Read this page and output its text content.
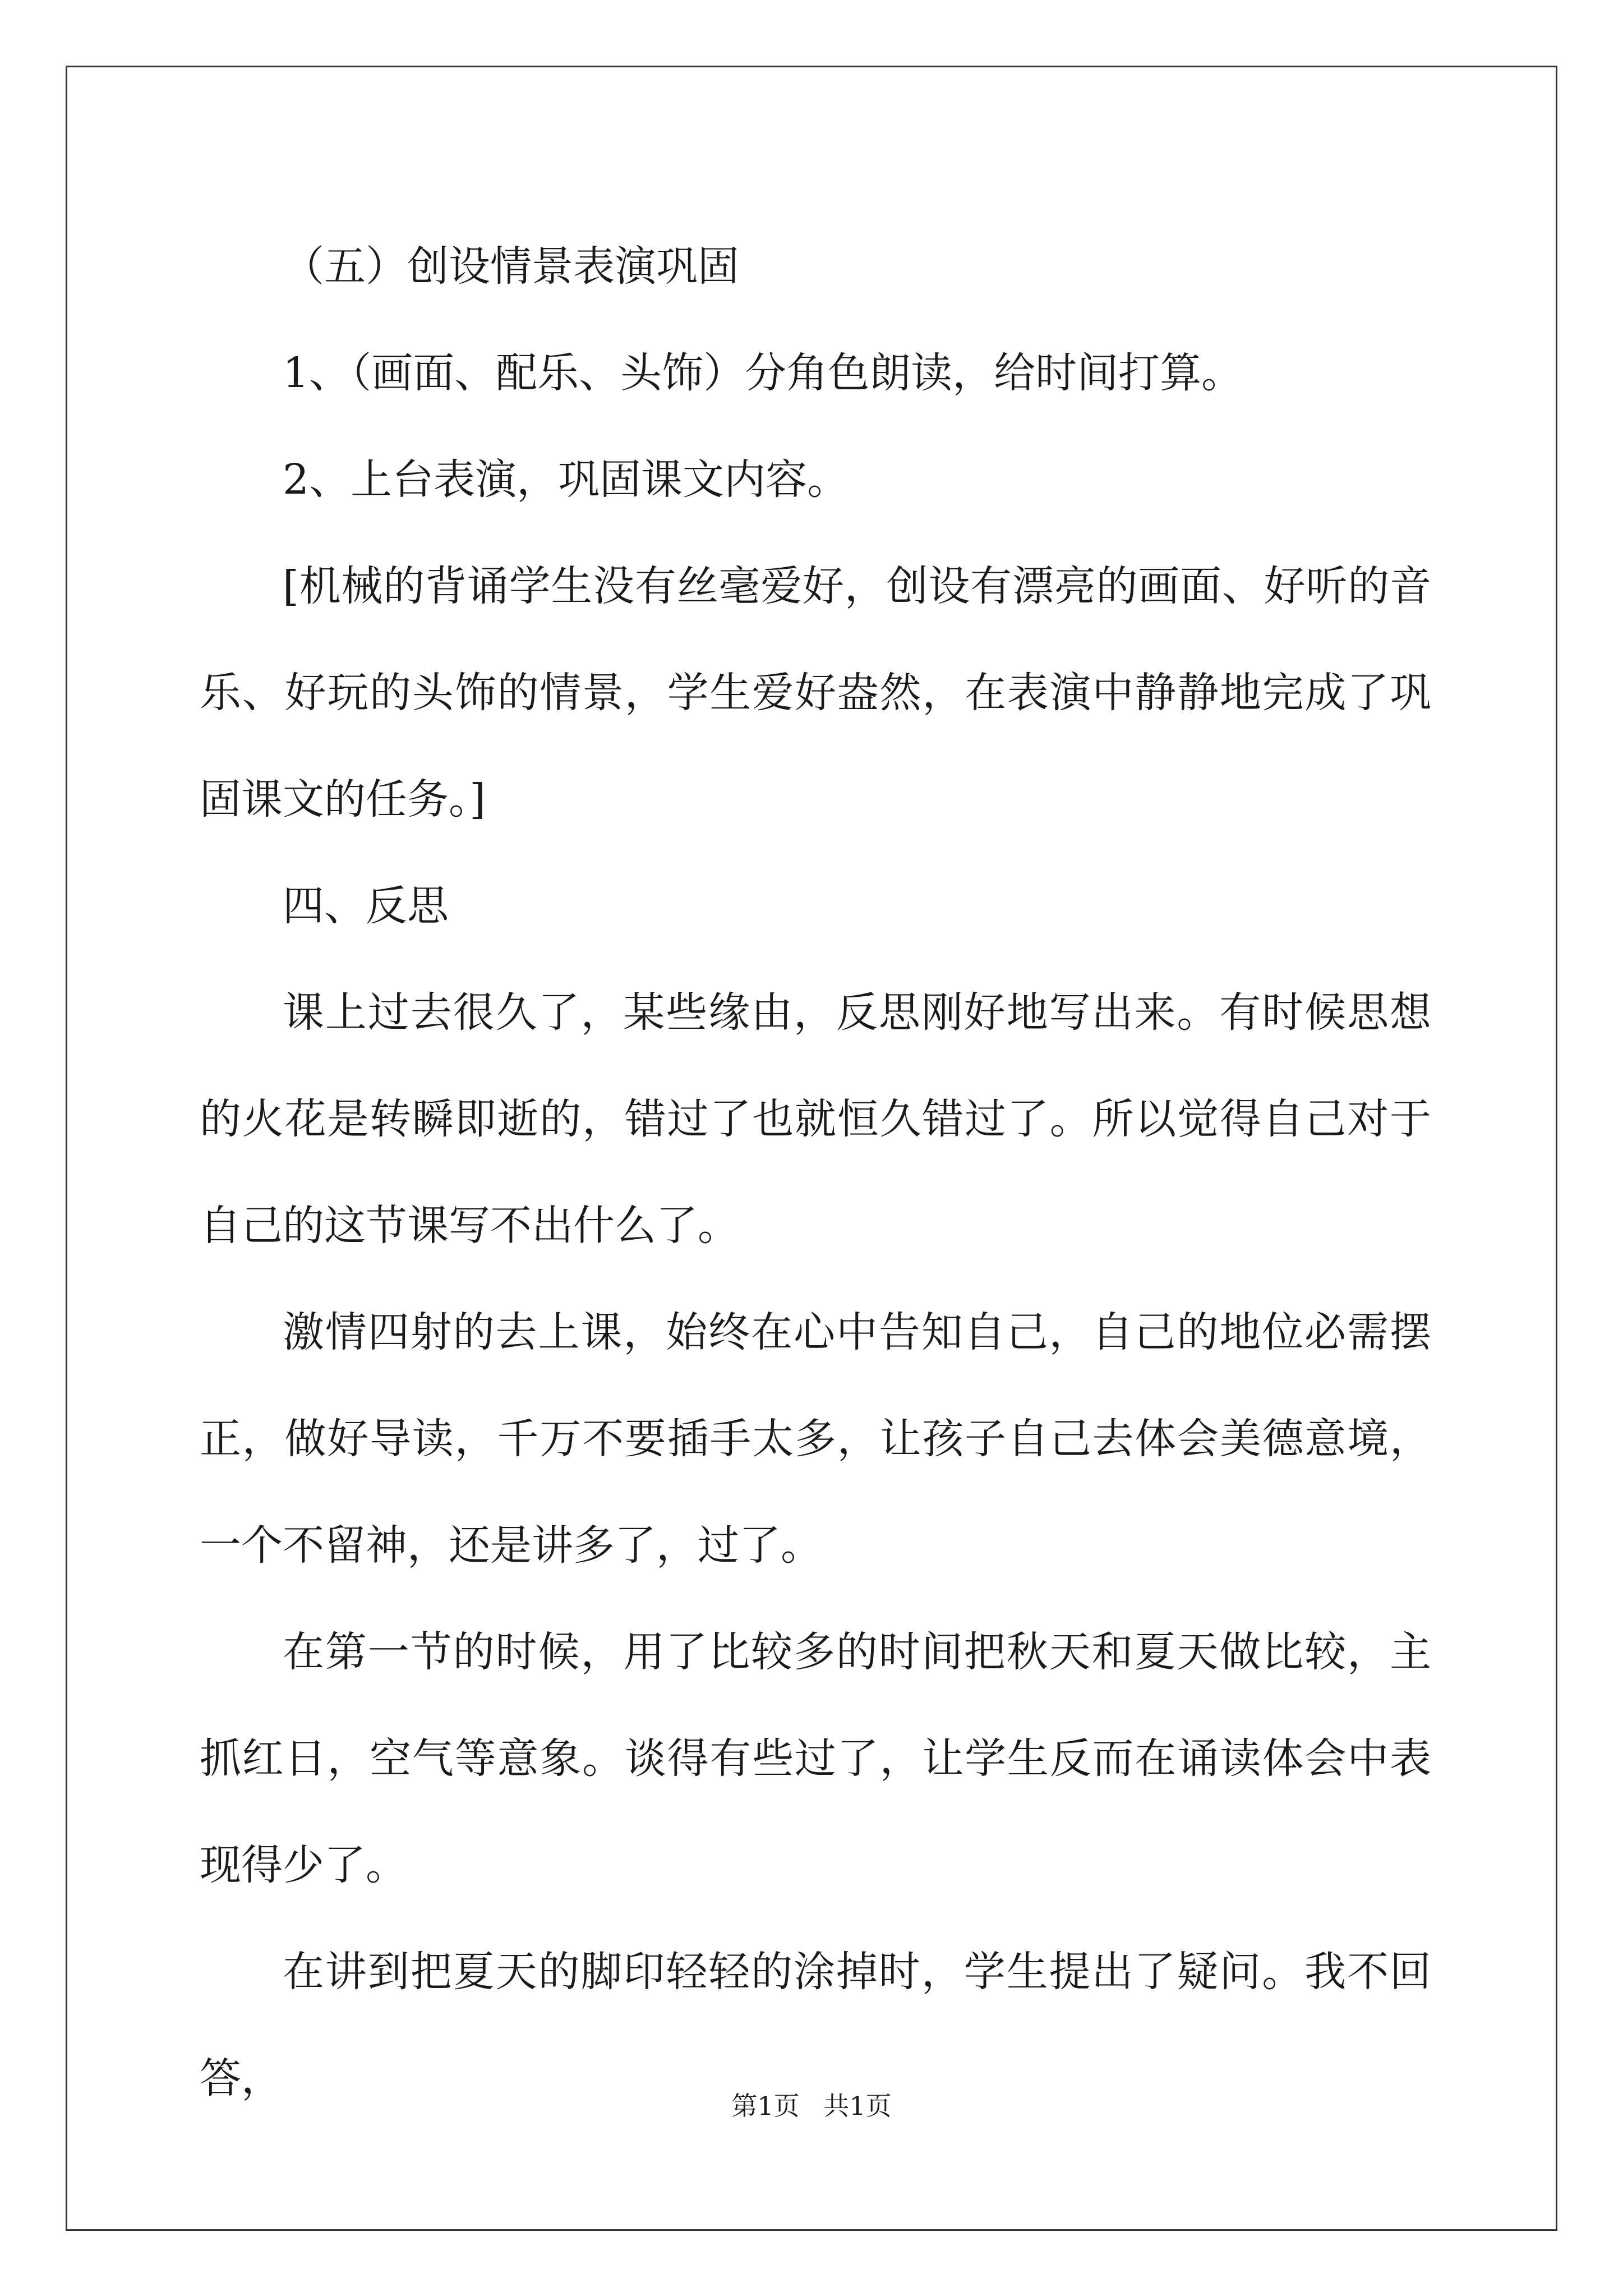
（五）创设情景表演巩固

1、（画面、配乐、头饰）分角色朗读，给时间打算。

2、上台表演，巩固课文内容。

[机械的背诵学生没有丝毫爱好，创设有漂亮的画面、好听的音乐、好玩的头饰的情景，学生爱好盎然，在表演中静静地完成了巩固课文的任务。]

四、反思

课上过去很久了，某些缘由，反思刚好地写出来。有时候思想的火花是转瞬即逝的，错过了也就恒久错过了。所以觉得自己对于自己的这节课写不出什么了。

激情四射的去上课，始终在心中告知自己，自己的地位必需摆正，做好导读，千万不要插手太多，让孩子自己去体会美德意境，一个不留神，还是讲多了，过了。

在第一节的时候，用了比较多的时间把秋天和夏天做比较，主抓红日，空气等意象。谈得有些过了，让学生反而在诵读体会中表现得少了。

在讲到把夏天的脚印轻轻的涂掉时，学生提出了疑问。我不回答，

第1页 共1页
